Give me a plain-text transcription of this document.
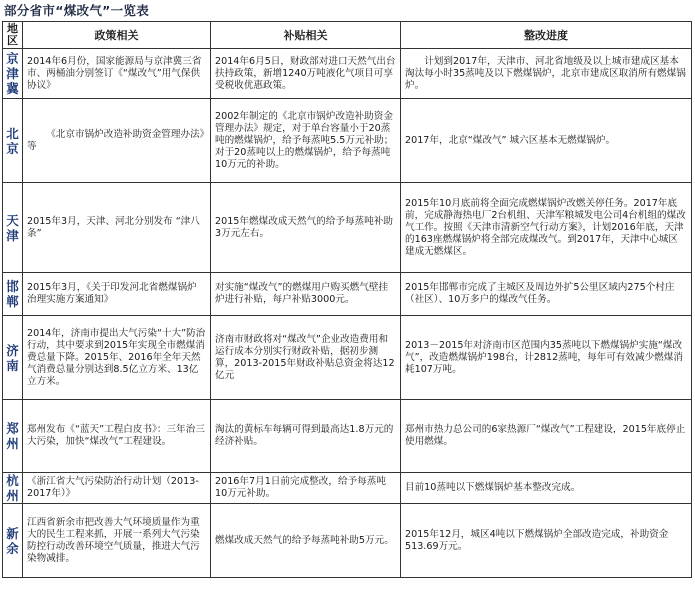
部分省市“煤改气”一览表
地区	政策相关	补贴相关	整改进度

京津冀	2014年6月份，国家能源局与京津冀三省市、两桶油分别签订《“煤改气”用气保供协议》	2014年6月5日，财政部对进口天然气出台扶持政策，新增1240万吨液化气项目可享受税收优惠政策。	计划到2017年，天津市、河北省地级及以上城市建成区基本淘汰每小时35蒸吨及以下燃煤锅炉，北京市建成区取消所有燃煤锅炉。

北京	《北京市锅炉改造补助资金管理办法》等	2002年制定的《北京市锅炉改造补助资金管理办法》规定，对于单台容量小于20蒸吨的燃煤锅炉，给予每蒸吨5.5万元补助；对于20蒸吨以上的燃煤锅炉，给予每蒸吨10万元的补助。	2017年，北京“煤改气” 城六区基本无燃煤锅炉。

天津	2015年3月，天津、河北分别发布 “津八条”	2015年燃煤改成天然气的给予每蒸吨补助3万元左右。	2015年10月底前将全面完成燃煤锅炉改燃关停任务。2017年底前，完成静海热电厂2台机组、天津军粮城发电公司4台机组的煤改气工作。按照《天津市清新空气行动方案》，计划2016年底，天津的163座燃煤锅炉将全部完成煤改气。到2017年，天津中心城区建成无燃煤区。

邯郸	2015年3月，《关于印发河北省燃煤锅炉治理实施方案通知》	对实施“煤改气”的燃煤用户购买燃气壁挂炉进行补贴，每户补贴3000元。	2015年邯郸市完成了主城区及周边外扩5公里区域内275个村庄（社区）、10万多户的煤改气任务。

济南	2014年，济南市提出大气污染“十大”防治行动，其中要求到2015年实现全市燃煤消费总量下降。2015年、2016年全年天然气消费总量分别达到8.5亿立方米、13亿立方米。	济南市财政将对“煤改气”企业改造费用和运行成本分别实行财政补贴，据初步测算，2013-2015年财政补贴总资金将达12亿元	2013－2015年对济南市区范围内35蒸吨以下燃煤锅炉实施“煤改气”，改造燃煤锅炉198台，计2812蒸吨，每年可有效减少燃煤消耗107万吨。

郑州	郑州发布《“蓝天”工程白皮书》：三年治三大污染，加快“煤改气”工程建设。	淘汰的黄标车每辆可得到最高达1.8万元的经济补贴。	郑州市热力总公司的6家热源厂“煤改气”工程建设，2015年底停止使用燃煤。

杭州	《浙江省大气污染防治行动计划（2013-2017年）》	2016年7月1日前完成整改，给予每蒸吨10万元补助。	目前10蒸吨以下燃煤锅炉基本整改完成。

新余	江西省新余市把改善大气环境质量作为重大的民生工程来抓，开展一系列大气污染防控行动改善环境空气质量，推进大气污染物减排。	燃煤改成天然气的给予每蒸吨补助5万元。	2015年12月，城区4吨以下燃煤锅炉全部改造完成，补助资金513.69万元。
